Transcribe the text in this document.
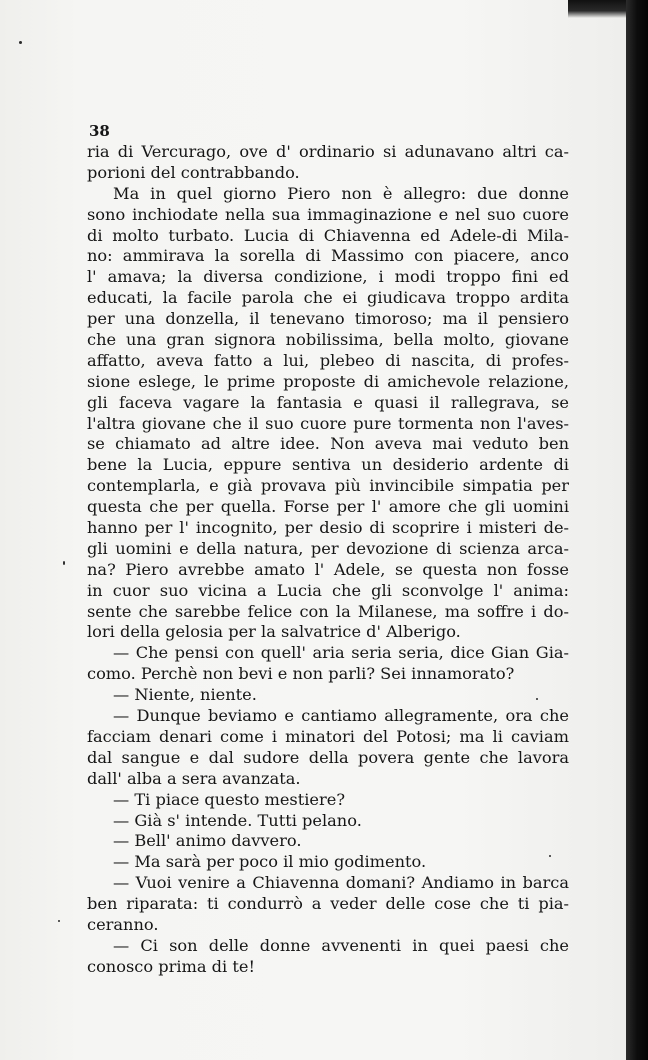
38
ria di Vercurago, ove d' ordinario si adunavano altri ca-
porioni del contrabbando.
Ma in quel giorno Piero non è allegro: due donne
sono inchiodate nella sua immaginazione e nel suo cuore
di molto turbato. Lucia di Chiavenna ed Adele-di Mila-
no: ammirava la sorella di Massimo con piacere, anco
l' amava; la diversa condizione, i modi troppo fini ed
educati, la facile parola che ei giudicava troppo ardita
per una donzella, il tenevano timoroso; ma il pensiero
che una gran signora nobilissima, bella molto, giovane
affatto, aveva fatto a lui, plebeo di nascita, di profes-
sione eslege, le prime proposte di amichevole relazione,
gli faceva vagare la fantasia e quasi il rallegrava, se
l'altra giovane che il suo cuore pure tormenta non l'aves-
se chiamato ad altre idee. Non aveva mai veduto ben
bene la Lucia, eppure sentiva un desiderio ardente di
contemplarla, e già provava più invincibile simpatia per
questa che per quella. Forse per l' amore che gli uomini
hanno per l' incognito, per desio di scoprire i misteri de-
gli uomini e della natura, per devozione di scienza arca-
na? Piero avrebbe amato l' Adele, se questa non fosse
in cuor suo vicina a Lucia che gli sconvolge l' anima:
sente che sarebbe felice con la Milanese, ma soffre i do-
lori della gelosia per la salvatrice d' Alberigo.
— Che pensi con quell' aria seria seria, dice Gian Gia-
como. Perchè non bevi e non parli? Sei innamorato?
— Niente, niente.
— Dunque beviamo e cantiamo allegramente, ora che
facciam denari come i minatori del Potosi; ma li caviam
dal sangue e dal sudore della povera gente che lavora
dall' alba a sera avanzata.
— Ti piace questo mestiere?
— Già s' intende. Tutti pelano.
— Bell' animo davvero.
— Ma sarà per poco il mio godimento.
— Vuoi venire a Chiavenna domani? Andiamo in barca
ben riparata: ti condurrò a veder delle cose che ti pia-
ceranno.
— Ci son delle donne avvenenti in quei paesi che
conosco prima di te!
